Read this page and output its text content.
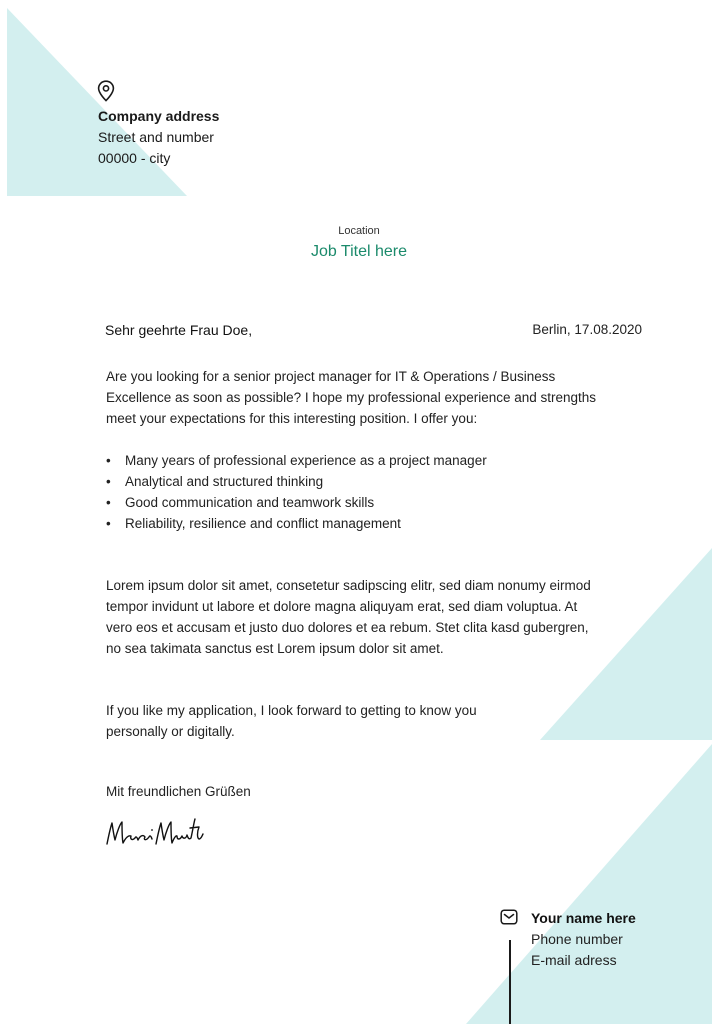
Company address
Street and number
00000 - city
Location
Job Titel here
Sehr geehrte Frau Doe,	Berlin, 17.08.2020

Are you looking for a senior project manager for IT & Operations / Business Excellence as soon as possible? I hope my professional experience and strengths meet your expectations for this interesting position. I offer you:

• Many years of professional experience as a project manager
• Analytical and structured thinking
• Good communication and teamwork skills
• Reliability, resilience and conflict management

Lorem ipsum dolor sit amet, consetetur sadipscing elitr, sed diam nonumy eirmod tempor invidunt ut labore et dolore magna aliquyam erat, sed diam voluptua. At vero eos et accusam et justo duo dolores et ea rebum. Stet clita kasd gubergren, no sea takimata sanctus est Lorem ipsum dolor sit amet.

If you like my application, I look forward to getting to know you personally or digitally.

Mit freundlichen Grüßen
Your name here
Phone number
E-mail adress
